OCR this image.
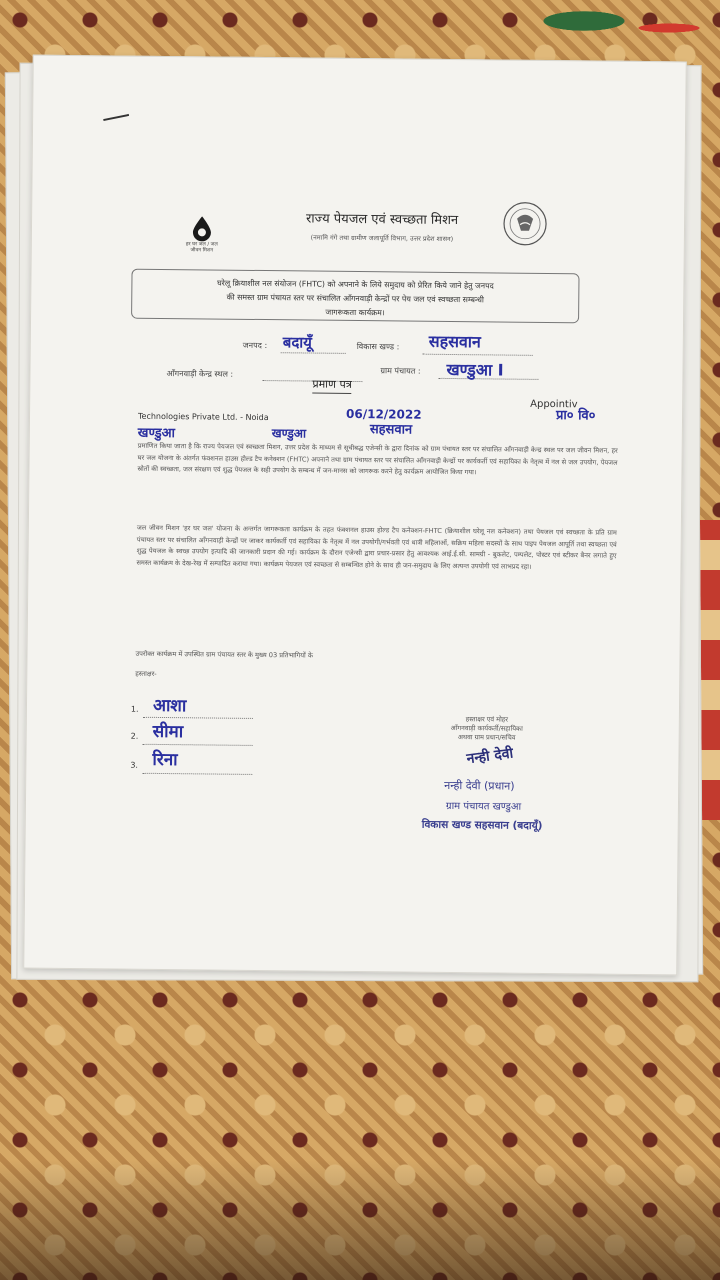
हर घर जल / जल जीवन मिशन
राज्य पेयजल एवं स्वच्छता मिशन
(नमामि गंगे तथा ग्रामीण जलापूर्ति विभाग, उत्तर प्रदेश शासन)
घरेलू क्रियाशील नल संयोजन (FHTC) को अपनाने के लिये समुदाय को प्रेरित किये जाने हेतु जनपद
की समस्त ग्राम पंचायत स्तर पर संचालित आँगनवाड़ी केन्द्रों पर पेय जल एवं स्वच्छता सम्बन्धी
जागरूकता कार्यक्रम।
जनपद : बदायूँ	विकास खण्ड : सहसवान
आँगनवाड़ी केन्द्र स्थल :	ग्राम पंचायत : खण्डुआ I
प्रमाण पत्र
Appointiv
Technologies Private Ltd. - Noida	06/12/2022	प्रा० वि०
खण्डुआ	खण्डुआ	सहसवान
प्रमाणित किया जाता है कि राज्य पेयजल एवं स्वच्छता मिशन, उत्तर प्रदेश के माध्यम से सूचीबद्ध एजेन्सी के द्वारा दिनांक को ग्राम पंचायत स्तर पर संचालित आँगनवाड़ी केन्द्र स्थल पर जल जीवन मिशन, हर घर जल योजना के अंतर्गत फंक्शनल हाउस होल्ड टैप कनेक्शन (FHTC) अपनाने तथा ग्राम पंचायत स्तर पर संचालित आँगनवाड़ी केन्द्रों पर कार्यकर्ती एवं सहायिका के नेतृत्व में नल से जल उपयोग, पेयजल स्रोतों की स्वच्छता, जल संरक्षण एवं शुद्ध पेयजल के सही उपयोग के सम्बन्ध में जन-मानस को जागरूक करने हेतु कार्यक्रम आयोजित किया गया।
जल जीवन मिशन 'हर घर जल' योजना के अन्तर्गत जागरूकता कार्यक्रम के तहत फंक्शनल हाउस होल्ड टैप कनेक्शन-FHTC (क्रियाशील घरेलू नल कनेक्शन) तथा पेयजल एवं स्वच्छता के प्रति ग्राम पंचायत स्तर पर संचालित आँगनवाड़ी केन्द्रों पर जाकर कार्यकर्ती एवं सहायिका के नेतृत्व में नल उपयोगी/गर्भवती एवं धात्री महिलाओं, सक्रिय महिला सदस्यों के साथ पाइप पेयजल आपूर्ति तथा स्वच्छता एवं शुद्ध पेयजल के स्वच्छ उपयोग इत्यादि की जानकारी प्रदान की गई। कार्यक्रम के दौरान एजेन्सी द्वारा प्रचार-प्रसार हेतु आवश्यक आई.ई.सी. सामग्री - बुकलेट, पम्पलेट, पोस्टर एवं स्टीकर बैनर लगाते हुए समस्त कार्यक्रम के देख-रेख में सम्पादित कराया गया। कार्यक्रम पेयजल एवं स्वच्छता से सम्बन्धित होने के साथ ही जन-समुदाय के लिए अत्यन्त उपयोगी एवं लाभप्रद रहा।
उपरोक्त कार्यक्रम में उपस्थित ग्राम पंचायत स्तर के मुख्य 03 प्रतिभागियों के
हस्ताक्षर-
1. आशा
2. सीमा
3. रिना
हस्ताक्षर एवं मोहर
आँगनवाड़ी कार्यकर्ती/सहायिका
अथवा ग्राम प्रधान/सचिव
नन्ही देवी
नन्ही देवी (प्रधान)
ग्राम पंचायत खण्डुआ
विकास खण्ड सहसवान (बदायूँ)
